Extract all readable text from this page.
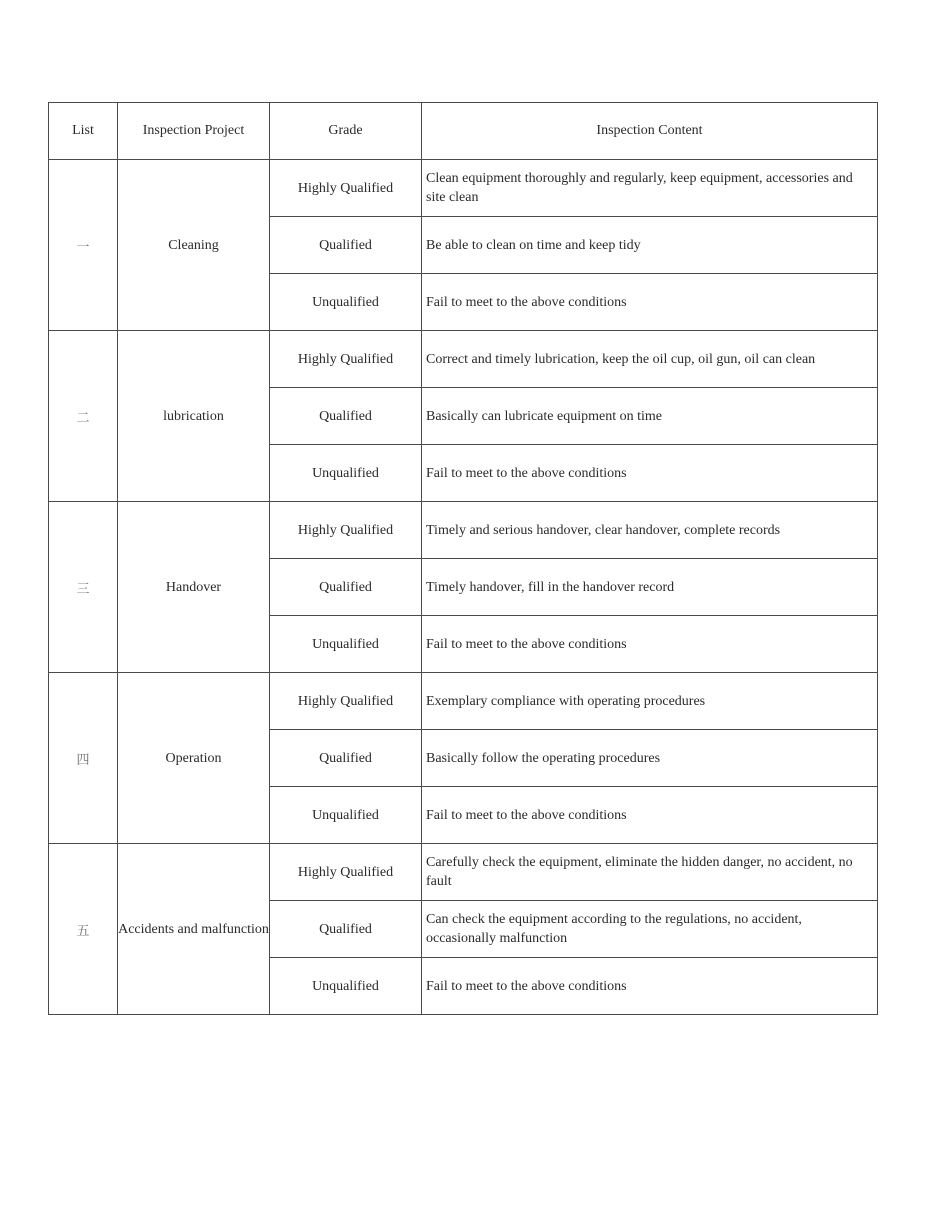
List	Inspection Project	Grade	Inspection Content
一	Cleaning	Highly Qualified	Clean equipment thoroughly and regularly, keep equipment, accessories and site clean
		Qualified	Be able to clean on time and keep tidy
		Unqualified	Fail to meet to the above conditions
二	lubrication	Highly Qualified	Correct and timely lubrication, keep the oil cup, oil gun, oil can clean
		Qualified	Basically can lubricate equipment on time
		Unqualified	Fail to meet to the above conditions
三	Handover	Highly Qualified	Timely and serious handover, clear handover, complete records
		Qualified	Timely handover, fill in the handover record
		Unqualified	Fail to meet to the above conditions
四	Operation	Highly Qualified	Exemplary compliance with operating procedures
		Qualified	Basically follow the operating procedures
		Unqualified	Fail to meet to the above conditions
五	Accidents and malfunction	Highly Qualified	Carefully check the equipment, eliminate the hidden danger, no accident, no fault
		Qualified	Can check the equipment according to the regulations, no accident, occasionally malfunction
		Unqualified	Fail to meet to the above conditions
